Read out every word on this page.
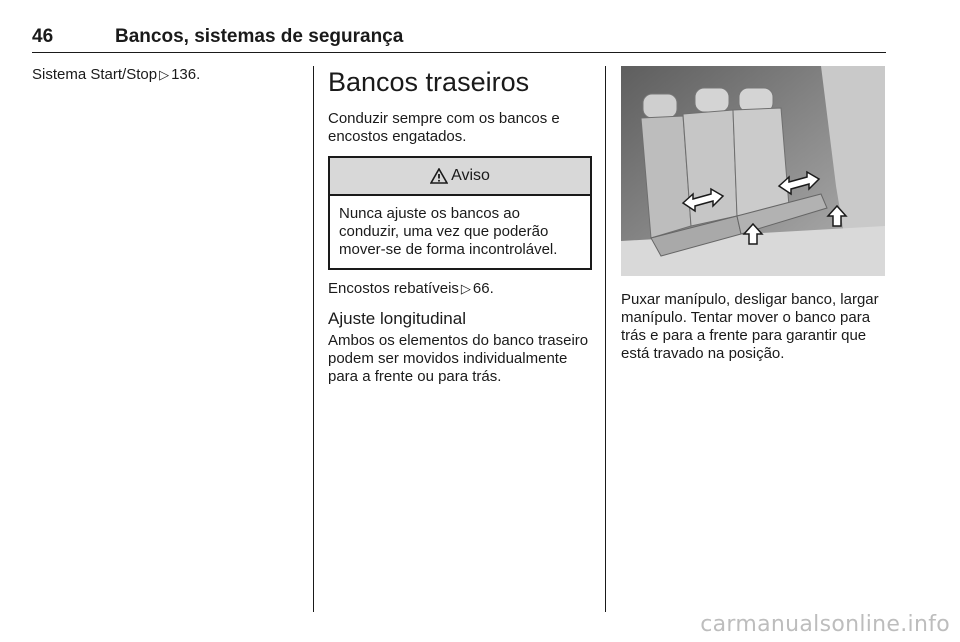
46	Bancos, sistemas de segurança

Sistema Start/Stop ▷ 136.	Bancos traseiros

Conduzir sempre com os bancos e encostos engatados.

Aviso

Nunca ajuste os bancos ao conduzir, uma vez que poderão mover-se de forma incontrolável.

Encostos rebatíveis ▷ 66.

Ajuste longitudinal

Ambos os elementos do banco traseiro podem ser movidos individualmente para a frente ou para trás.

Puxar manípulo, desligar banco, largar manípulo. Tentar mover o banco para trás e para a frente para garantir que está travado na posição.

carmanualsonline.info
